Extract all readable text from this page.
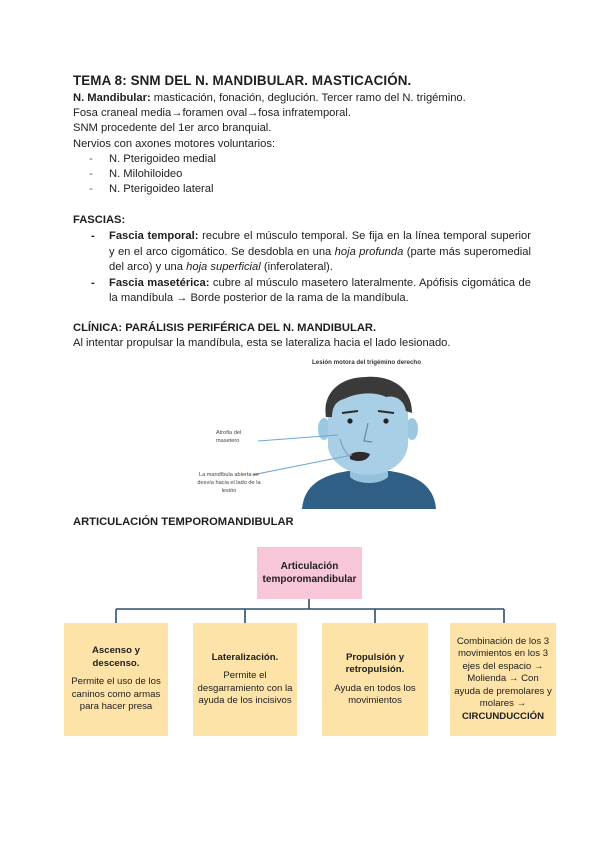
TEMA 8: SNM DEL N. MANDIBULAR. MASTICACIÓN.
N. Mandibular: masticación, fonación, deglución. Tercer ramo del N. trigémino.
Fosa craneal media→foramen oval→fosa infratemporal.
SNM procedente del 1er arco branquial.
Nervios con axones motores voluntarios:
- N. Pterigoideo medial
- N. Milohiloideo
- N. Pterigoideo lateral
FASCIAS:
- Fascia temporal: recubre el músculo temporal. Se fija en la línea temporal superior y en el arco cigomático. Se desdobla en una hoja profunda (parte más superomedial del arco) y una hoja superficial (inferolateral).
- Fascia masetérica: cubre al músculo masetero lateralmente. Apófisis cigomática de la mandíbula → Borde posterior de la rama de la mandíbula.
CLÍNICA: PARÁLISIS PERIFÉRICA DEL N. MANDIBULAR.
Al intentar propulsar la mandíbula, esta se lateraliza hacia el lado lesionado.
Lesión motora del trigémino derecho
Atrofia del
masetero
La mandíbula abierta se
desvía hacia el lado de la
lesión
ARTICULACIÓN TEMPOROMANDIBULAR
Articulación
temporomandibular
Ascenso y descenso.
Permite el uso de los caninos como armas para hacer presa
Lateralización.
Permite el desgarramiento con la ayuda de los incisivos
Propulsión y retropulsión.
Ayuda en todos los movimientos
Combinación de los 3 movimientos en los 3 ejes del espacio → Molienda → Con ayuda de premolares y molares →
CIRCUNDUCCIÓN
